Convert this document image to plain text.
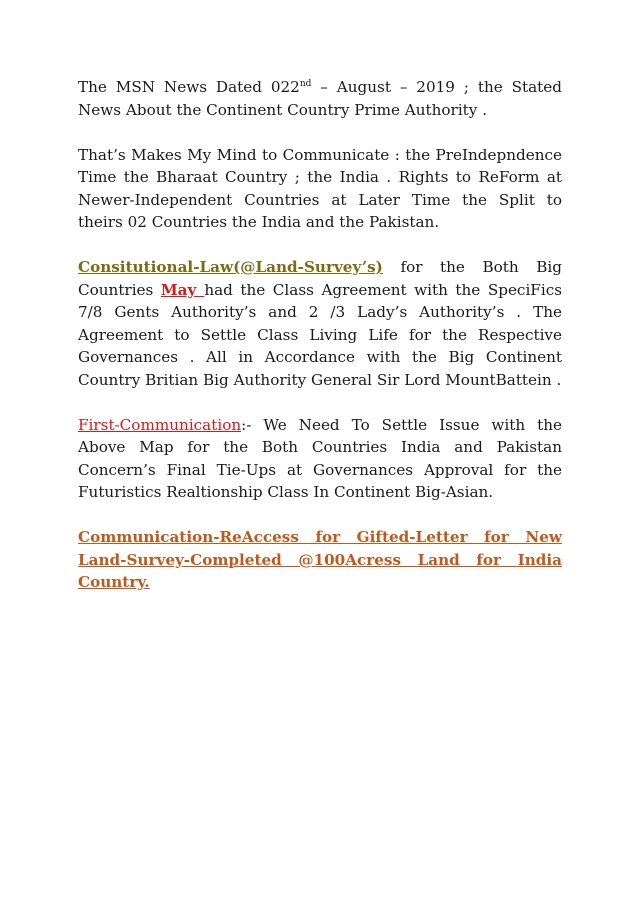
The MSN News Dated 022nd – August – 2019 ; the Stated News About the Continent Country Prime Authority .

That’s Makes My Mind to Communicate : the PreIndepndence Time the Bharaat Country ; the India . Rights to ReForm at Newer-Independent Countries at Later Time the Split to theirs 02 Countries the India and the Pakistan.

Consitutional-Law(@Land-Survey’s) for the Both Big Countries May had the Class Agreement with the SpeciFics 7/8 Gents Authority’s and 2 /3 Lady’s Authority’s . The Agreement to Settle Class Living Life for the Respective Governances . All in Accordance with the Big Continent Country Britian Big Authority General Sir Lord MountBattein .

First-Communication:- We Need To Settle Issue with the Above Map for the Both Countries India and Pakistan Concern’s Final Tie-Ups at Governances Approval for the Futuristics Realtionship Class In Continent Big-Asian.

Communication-ReAccess for Gifted-Letter for New Land-Survey-Completed @100Acress Land for India Country.
